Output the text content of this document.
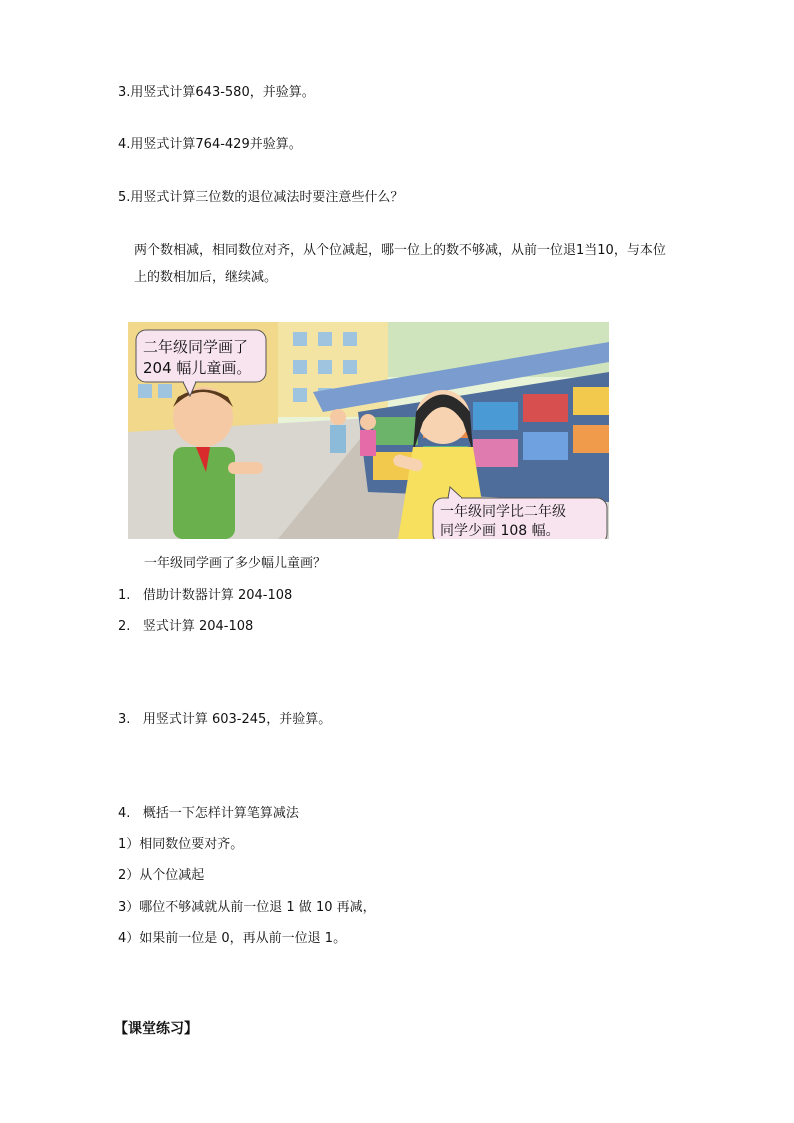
3.用竖式计算643-580，并验算。
4.用竖式计算764-429并验算。
5.用竖式计算三位数的退位减法时要注意些什么？
两个数相减，相同数位对齐，从个位减起，哪一位上的数不够减，从前一位退1当10，与本位
上的数相加后，继续减。
二年级同学画了
204 幅儿童画。
一年级同学比二年级
同学少画 108 幅。
一年级同学画了多少幅儿童画？
1. 借助计数器计算 204-108
2. 竖式计算 204-108
3. 用竖式计算 603-245，并验算。
4. 概括一下怎样计算笔算减法
1）相同数位要对齐。
2）从个位减起
3）哪位不够减就从前一位退 1 做 10 再减，
4）如果前一位是 0，再从前一位退 1。
【课堂练习】
